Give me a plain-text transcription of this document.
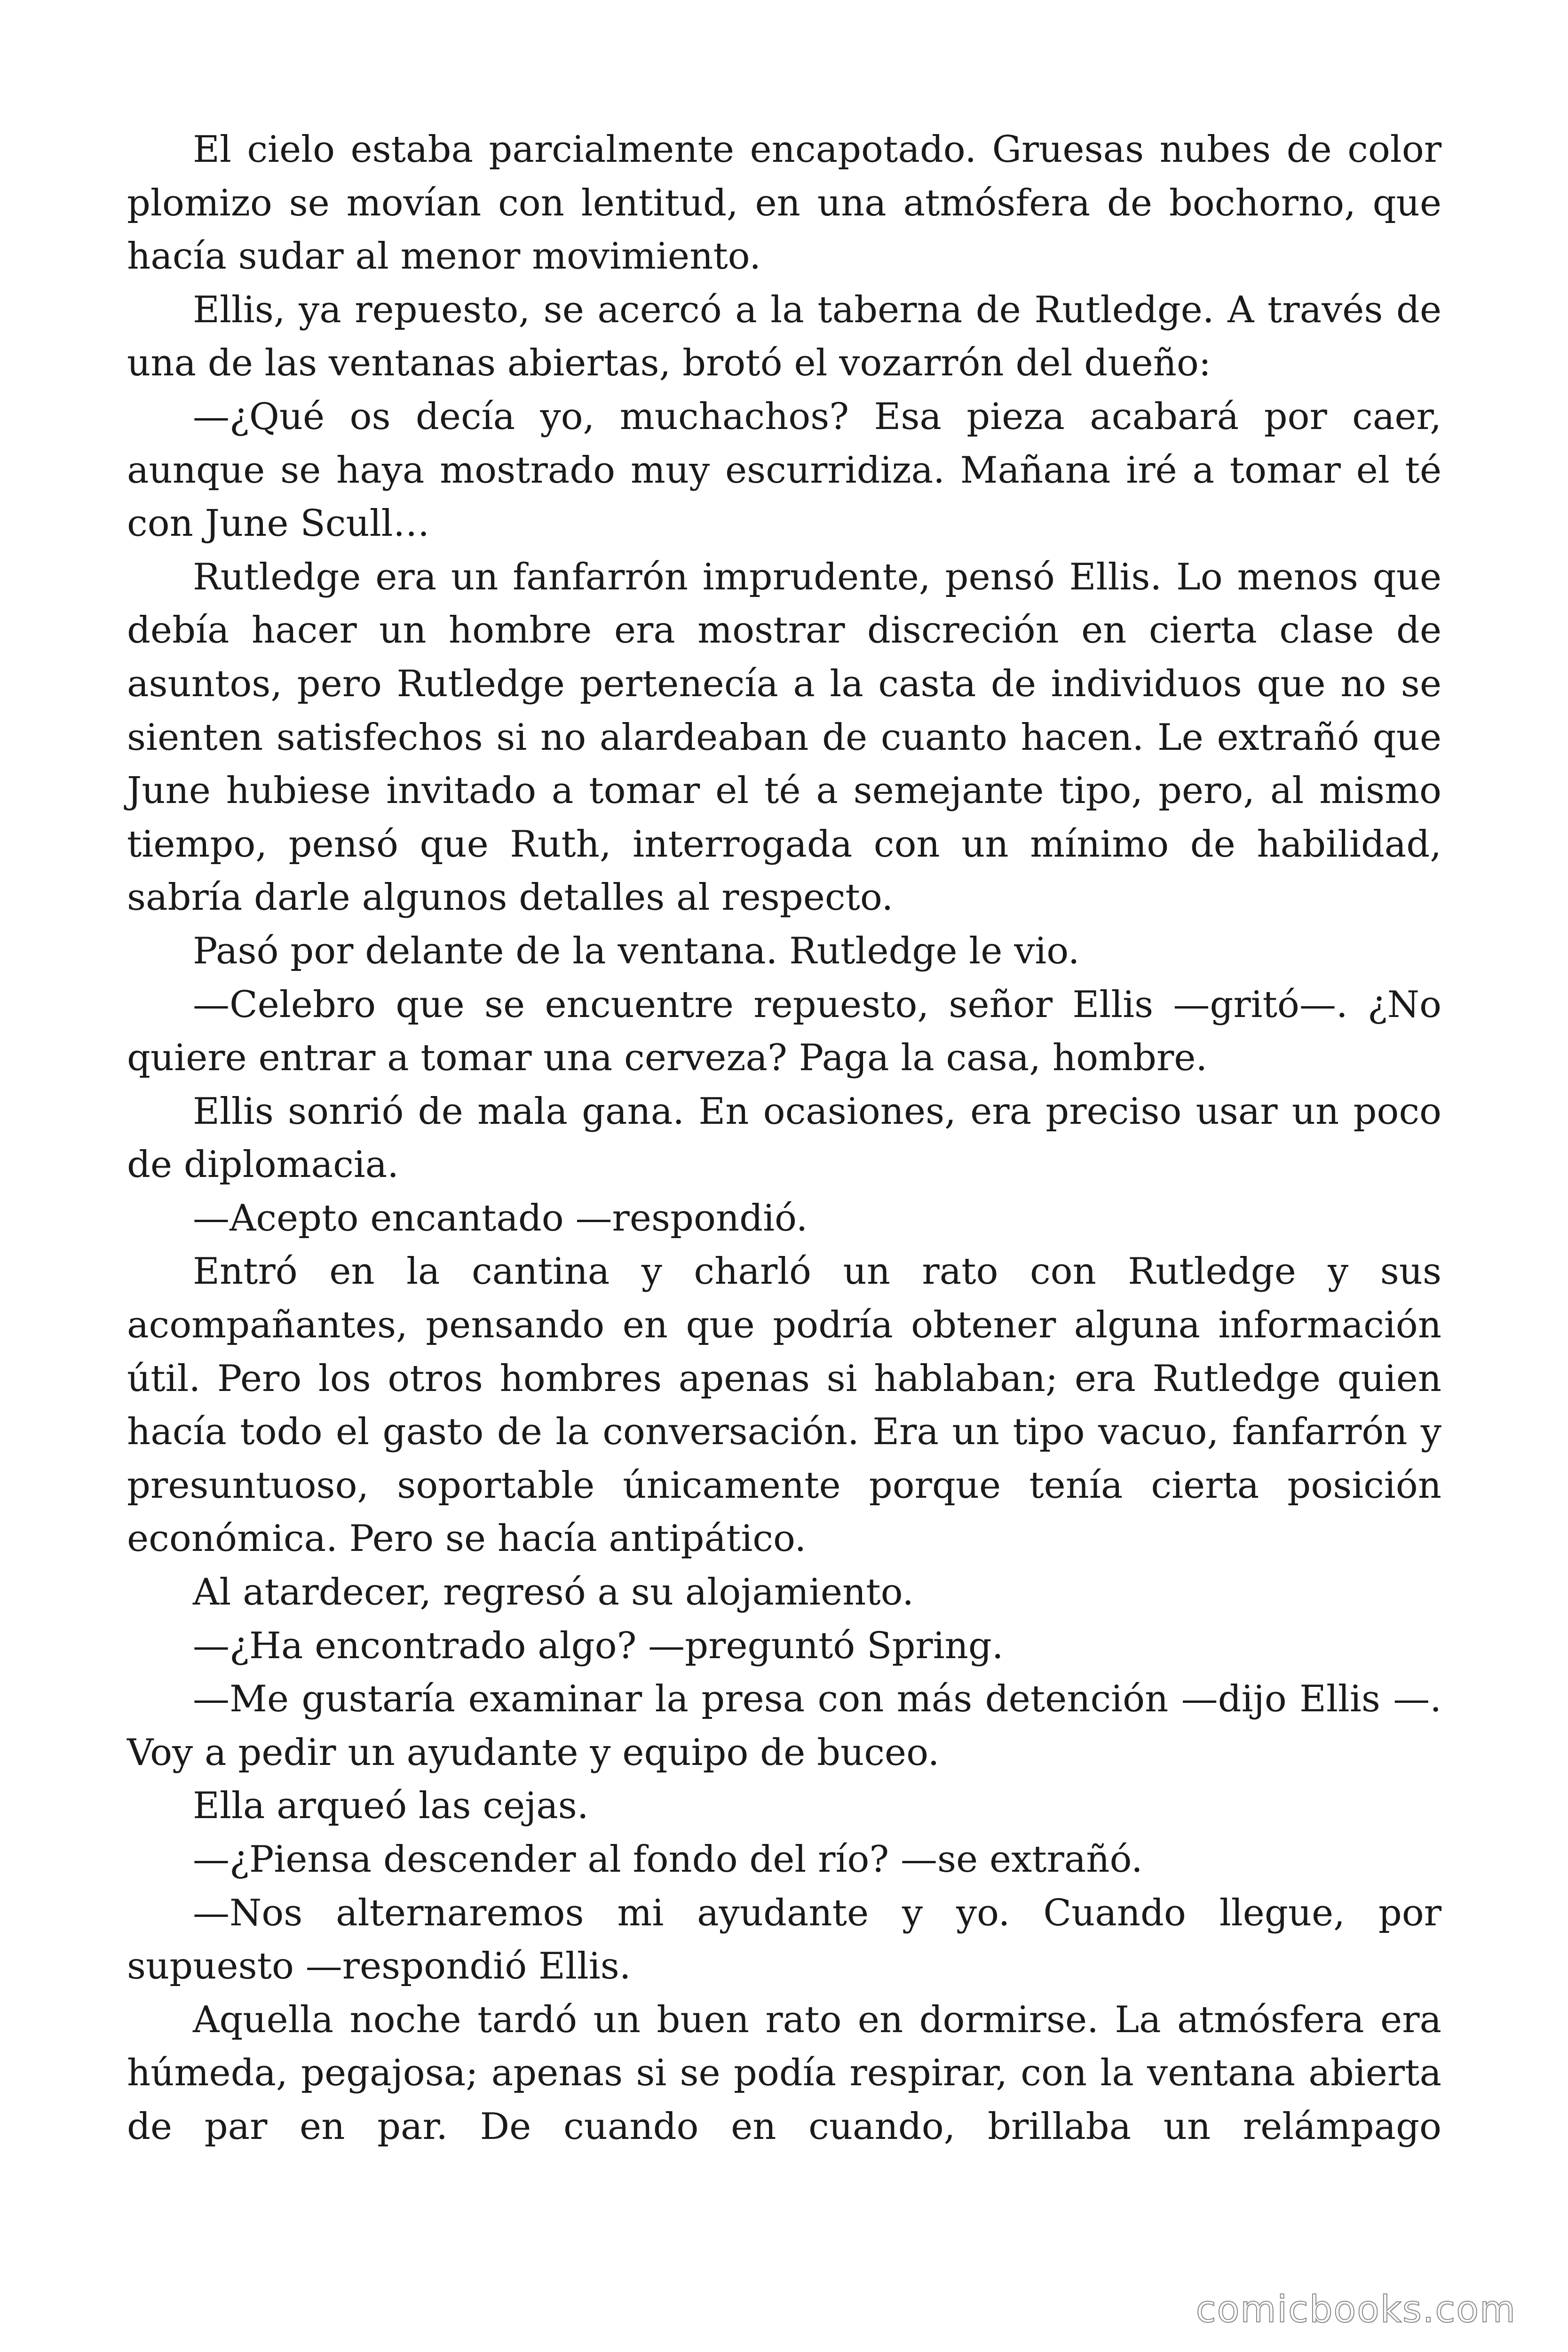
El cielo estaba parcialmente encapotado. Gruesas nubes de color plomizo se movían con lentitud, en una atmósfera de bochorno, que hacía sudar al menor movimiento.

Ellis, ya repuesto, se acercó a la taberna de Rutledge. A través de una de las ventanas abiertas, brotó el vozarrón del dueño:

—¿Qué os decía yo, muchachos? Esa pieza acabará por caer, aunque se haya mostrado muy escurridiza. Mañana iré a tomar el té con June Scull…

Rutledge era un fanfarrón imprudente, pensó Ellis. Lo menos que debía hacer un hombre era mostrar discreción en cierta clase de asuntos, pero Rutledge pertenecía a la casta de individuos que no se sienten satisfechos si no alardeaban de cuanto hacen. Le extrañó que June hubiese invitado a tomar el té a semejante tipo, pero, al mismo tiempo, pensó que Ruth, interrogada con un mínimo de habilidad, sabría darle algunos detalles al respecto.

Pasó por delante de la ventana. Rutledge le vio.

—Celebro que se encuentre repuesto, señor Ellis —gritó—. ¿No quiere entrar a tomar una cerveza? Paga la casa, hombre.

Ellis sonrió de mala gana. En ocasiones, era preciso usar un poco de diplomacia.

—Acepto encantado —respondió.

Entró en la cantina y charló un rato con Rutledge y sus acompañantes, pensando en que podría obtener alguna información útil. Pero los otros hombres apenas si hablaban; era Rutledge quien hacía todo el gasto de la conversación. Era un tipo vacuo, fanfarrón y presuntuoso, soportable únicamente porque tenía cierta posición económica. Pero se hacía antipático.

Al atardecer, regresó a su alojamiento.

—¿Ha encontrado algo? —preguntó Spring.

—Me gustaría examinar la presa con más detención —dijo Ellis —. Voy a pedir un ayudante y equipo de buceo.

Ella arqueó las cejas.

—¿Piensa descender al fondo del río? —se extrañó.

—Nos alternaremos mi ayudante y yo. Cuando llegue, por supuesto —respondió Ellis.

Aquella noche tardó un buen rato en dormirse. La atmósfera era húmeda, pegajosa; apenas si se podía respirar, con la ventana abierta de par en par. De cuando en cuando, brillaba un relámpago

comicbooks.com
